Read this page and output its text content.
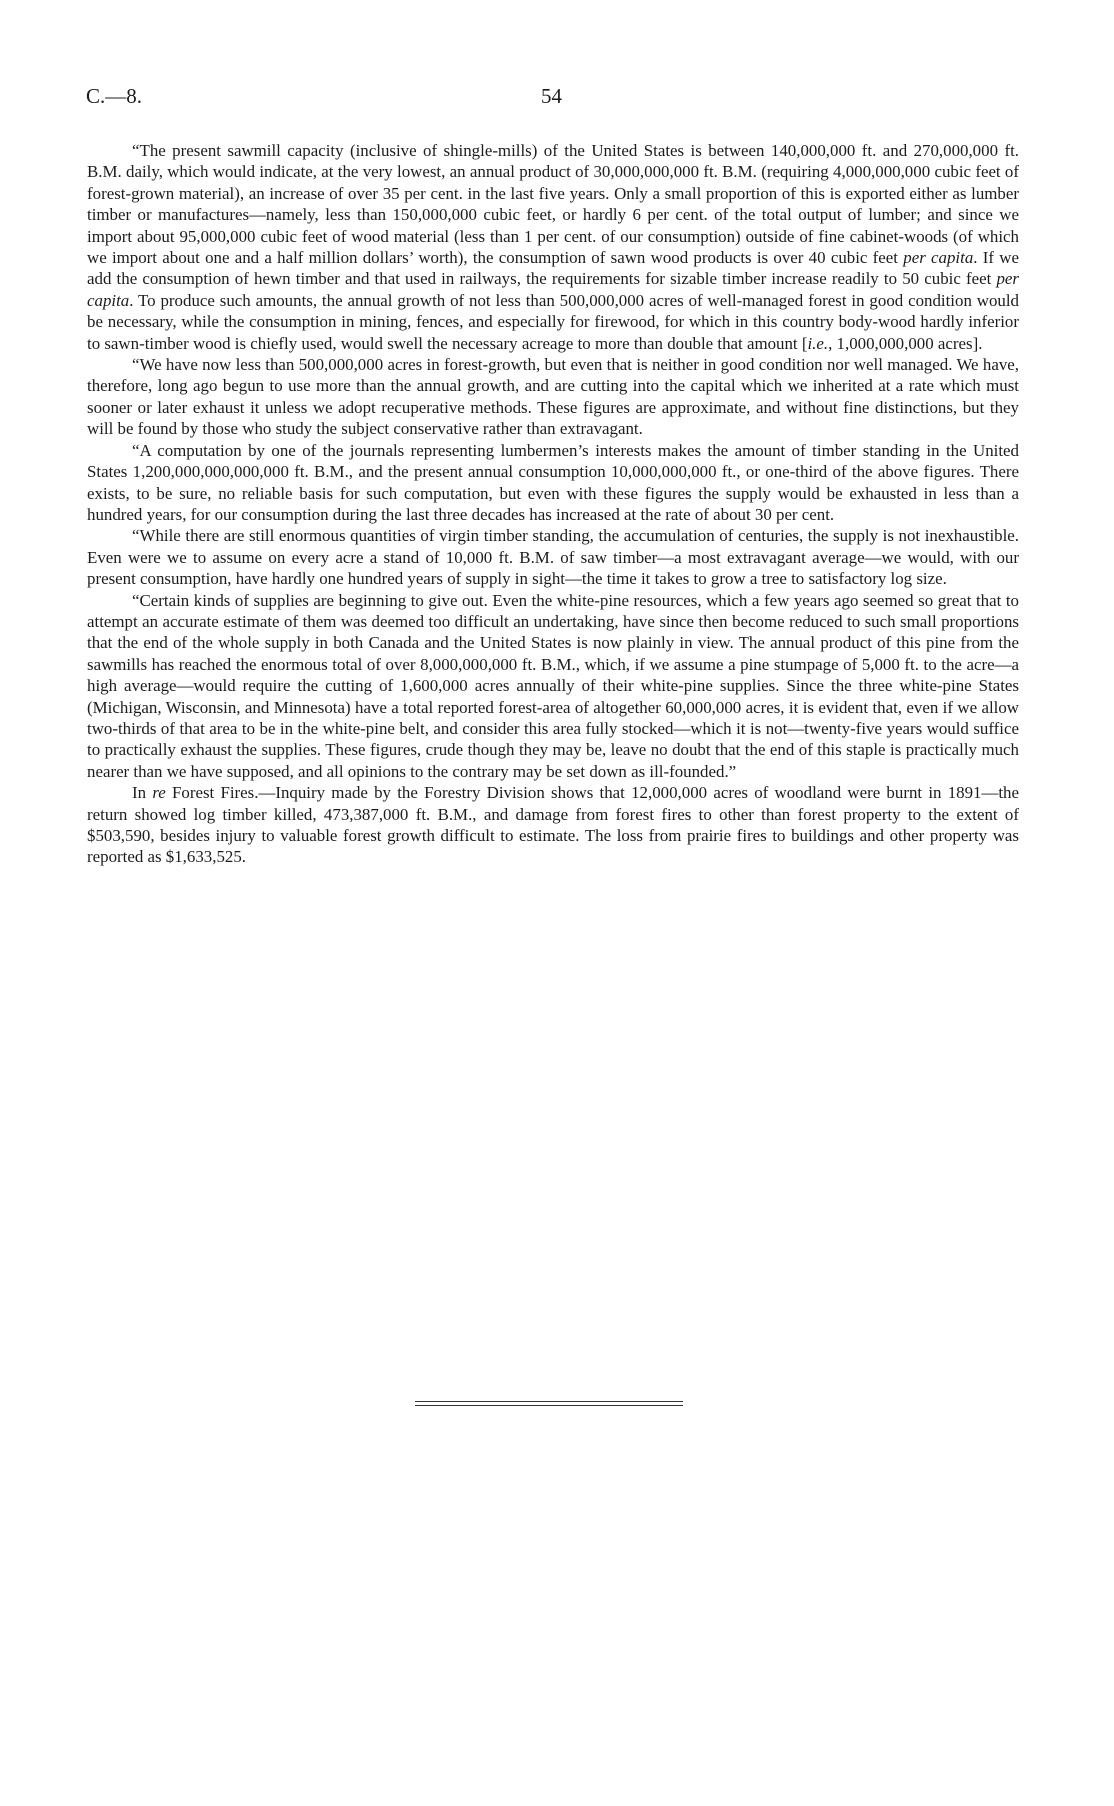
C.—8.	54

“The present sawmill capacity (inclusive of shingle-mills) of the United States is between 140,000,000 ft. and 270,000,000 ft. B.M. daily, which would indicate, at the very lowest, an annual product of 30,000,000,000 ft. B.M. (requiring 4,000,000,000 cubic feet of forest-grown material), an increase of over 35 per cent. in the last five years. Only a small proportion of this is exported either as lumber timber or manufactures—namely, less than 150,000,000 cubic feet, or hardly 6 per cent. of the total output of lumber; and since we import about 95,000,000 cubic feet of wood material (less than 1 per cent. of our consumption) outside of fine cabinet-woods (of which we import about one and a half million dollars’ worth), the consumption of sawn wood products is over 40 cubic feet per capita. If we add the consumption of hewn timber and that used in railways, the requirements for sizable timber increase readily to 50 cubic feet per capita. To produce such amounts, the annual growth of not less than 500,000,000 acres of well-managed forest in good condition would be necessary, while the consumption in mining, fences, and especially for firewood, for which in this country body-wood hardly inferior to sawn-timber wood is chiefly used, would swell the necessary acreage to more than double that amount [i.e., 1,000,000,000 acres].

“We have now less than 500,000,000 acres in forest-growth, but even that is neither in good condition nor well managed. We have, therefore, long ago begun to use more than the annual growth, and are cutting into the capital which we inherited at a rate which must sooner or later exhaust it unless we adopt recuperative methods. These figures are approximate, and without fine distinctions, but they will be found by those who study the subject conservative rather than extravagant.

“A computation by one of the journals representing lumbermen’s interests makes the amount of timber standing in the United States 1,200,000,000,000,000 ft. B.M., and the present annual consumption 10,000,000,000 ft., or one-third of the above figures. There exists, to be sure, no reliable basis for such computation, but even with these figures the supply would be exhausted in less than a hundred years, for our consumption during the last three decades has increased at the rate of about 30 per cent.

“While there are still enormous quantities of virgin timber standing, the accumulation of centuries, the supply is not inexhaustible. Even were we to assume on every acre a stand of 10,000 ft. B.M. of saw timber—a most extravagant average—we would, with our present consumption, have hardly one hundred years of supply in sight—the time it takes to grow a tree to satisfactory log size.

“Certain kinds of supplies are beginning to give out. Even the white-pine resources, which a few years ago seemed so great that to attempt an accurate estimate of them was deemed too difficult an undertaking, have since then become reduced to such small proportions that the end of the whole supply in both Canada and the United States is now plainly in view. The annual product of this pine from the sawmills has reached the enormous total of over 8,000,000,000 ft. B.M., which, if we assume a pine stumpage of 5,000 ft. to the acre—a high average—would require the cutting of 1,600,000 acres annually of their white-pine supplies. Since the three white-pine States (Michigan, Wisconsin, and Minnesota) have a total reported forest-area of altogether 60,000,000 acres, it is evident that, even if we allow two-thirds of that area to be in the white-pine belt, and consider this area fully stocked—which it is not—twenty-five years would suffice to practically exhaust the supplies. These figures, crude though they may be, leave no doubt that the end of this staple is practically much nearer than we have supposed, and all opinions to the contrary may be set down as ill-founded.”

In re Forest Fires.—Inquiry made by the Forestry Division shows that 12,000,000 acres of woodland were burnt in 1891—the return showed log timber killed, 473,387,000 ft. B.M., and damage from forest fires to other than forest property to the extent of $503,590, besides injury to valuable forest growth difficult to estimate. The loss from prairie fires to buildings and other property was reported as $1,633,525.
